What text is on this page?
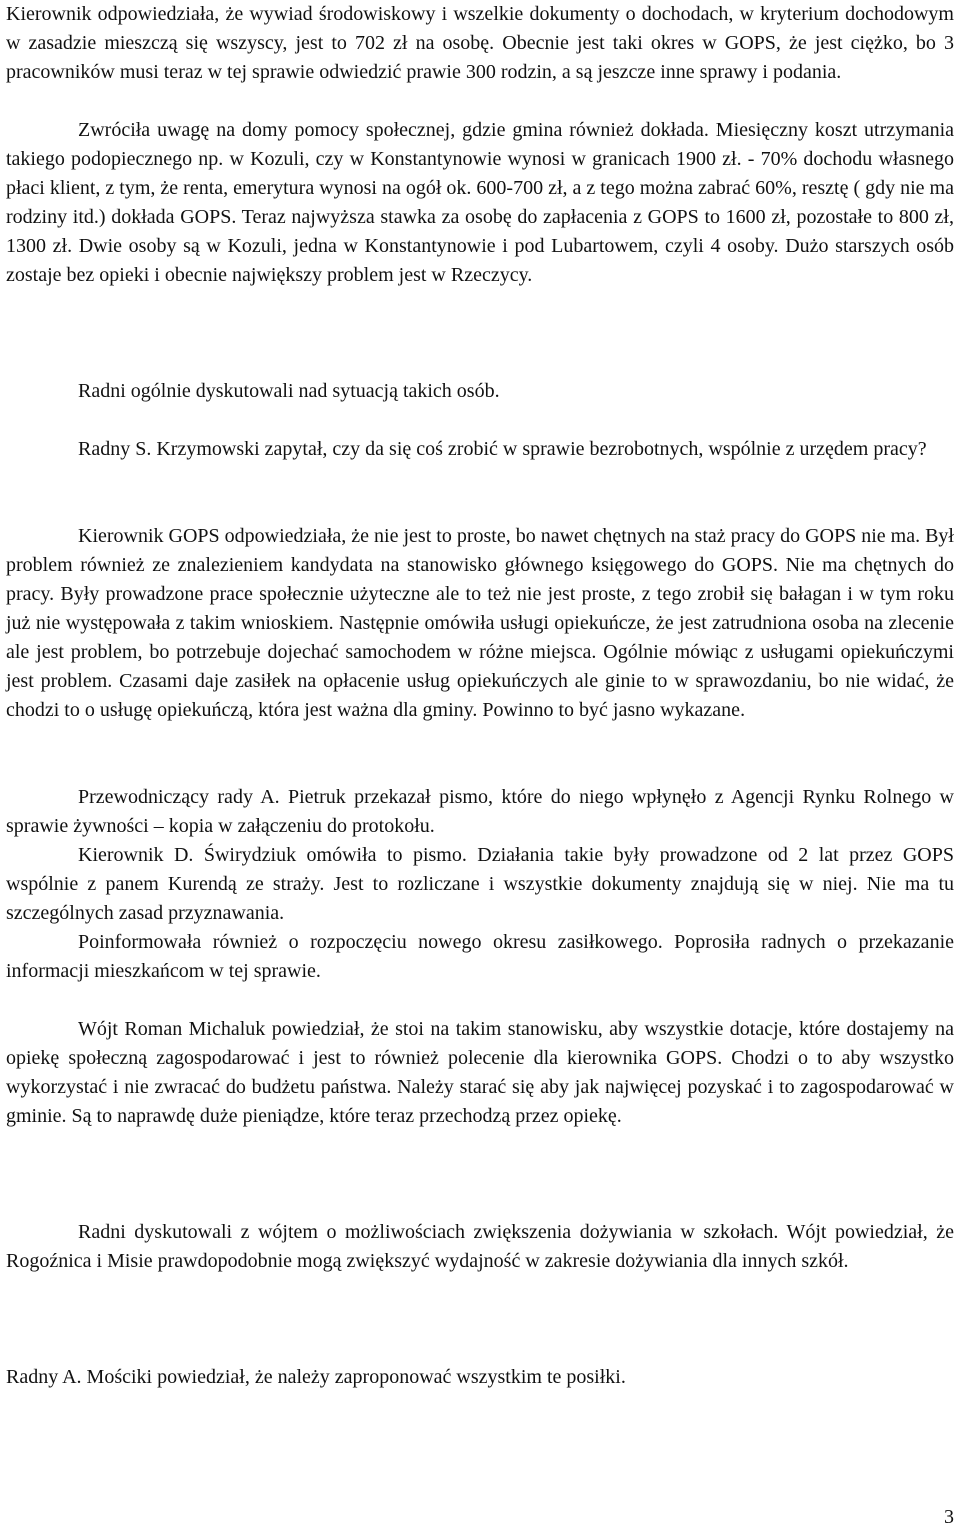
Kierownik odpowiedziała, że wywiad środowiskowy i wszelkie dokumenty o dochodach, w kryterium dochodowym w zasadzie mieszczą się wszyscy, jest to 702 zł na osobę. Obecnie jest taki okres w GOPS, że jest ciężko, bo 3 pracowników musi teraz w tej sprawie odwiedzić prawie 300 rodzin, a są jeszcze inne sprawy i podania.

Zwróciła uwagę na domy pomocy społecznej, gdzie gmina również dokłada. Miesięczny koszt utrzymania takiego podopiecznego np. w Kozuli, czy w Konstantynowie wynosi w granicach 1900 zł. - 70% dochodu własnego płaci klient, z tym, że renta, emerytura wynosi na ogół ok. 600-700 zł, a z tego można zabrać 60%, resztę ( gdy nie ma rodziny itd.) dokłada GOPS. Teraz najwyższa stawka za osobę do zapłacenia z GOPS to 1600 zł, pozostałe to 800 zł, 1300 zł. Dwie osoby są w Kozuli, jedna w Konstantynowie i pod Lubartowem, czyli 4 osoby. Dużo starszych osób zostaje bez opieki i obecnie największy problem jest w Rzeczycy.

Radni ogólnie dyskutowali nad sytuacją takich osób.

Radny S. Krzymowski zapytał, czy da się coś zrobić w sprawie bezrobotnych, wspólnie z urzędem pracy?

Kierownik GOPS odpowiedziała, że nie jest to proste, bo nawet chętnych na staż pracy do GOPS nie ma. Był problem również ze znalezieniem kandydata na stanowisko głównego księgowego do GOPS. Nie ma chętnych do pracy. Były prowadzone prace społecznie użyteczne ale to też nie jest proste, z tego zrobił się bałagan i w tym roku już nie występowała z takim wnioskiem. Następnie omówiła usługi opiekuńcze, że jest zatrudniona osoba na zlecenie ale jest problem, bo potrzebuje dojechać samochodem w różne miejsca. Ogólnie mówiąc z usługami opiekuńczymi jest problem. Czasami daje zasiłek na opłacenie usług opiekuńczych ale ginie to w sprawozdaniu, bo nie widać, że chodzi to o usługę opiekuńczą, która jest ważna dla gminy. Powinno to być jasno wykazane.

Przewodniczący rady A. Pietruk przekazał pismo, które do niego wpłynęło z Agencji Rynku Rolnego w sprawie żywności – kopia w załączeniu do protokołu.

Kierownik D. Świrydziuk omówiła to pismo. Działania takie były prowadzone od 2 lat przez GOPS wspólnie z panem Kurendą ze straży. Jest to rozliczane i wszystkie dokumenty znajdują się w niej. Nie ma tu szczególnych zasad przyznawania.

Poinformowała również o rozpoczęciu nowego okresu zasiłkowego. Poprosiła radnych o przekazanie informacji mieszkańcom w tej sprawie.

Wójt Roman Michaluk powiedział, że stoi na takim stanowisku, aby wszystkie dotacje, które dostajemy na opiekę społeczną zagospodarować i jest to również polecenie dla kierownika GOPS. Chodzi o to aby wszystko wykorzystać i nie zwracać do budżetu państwa. Należy starać się aby jak najwięcej pozyskać i to zagospodarować w gminie. Są to naprawdę duże pieniądze, które teraz przechodzą przez opiekę.

Radni dyskutowali z wójtem o możliwościach zwiększenia dożywiania w szkołach. Wójt powiedział, że Rogoźnica i Misie prawdopodobnie mogą zwiększyć wydajność w zakresie dożywiania dla innych szkół.

Radny A. Mościki powiedział, że należy zaproponować wszystkim te posiłki.

3
